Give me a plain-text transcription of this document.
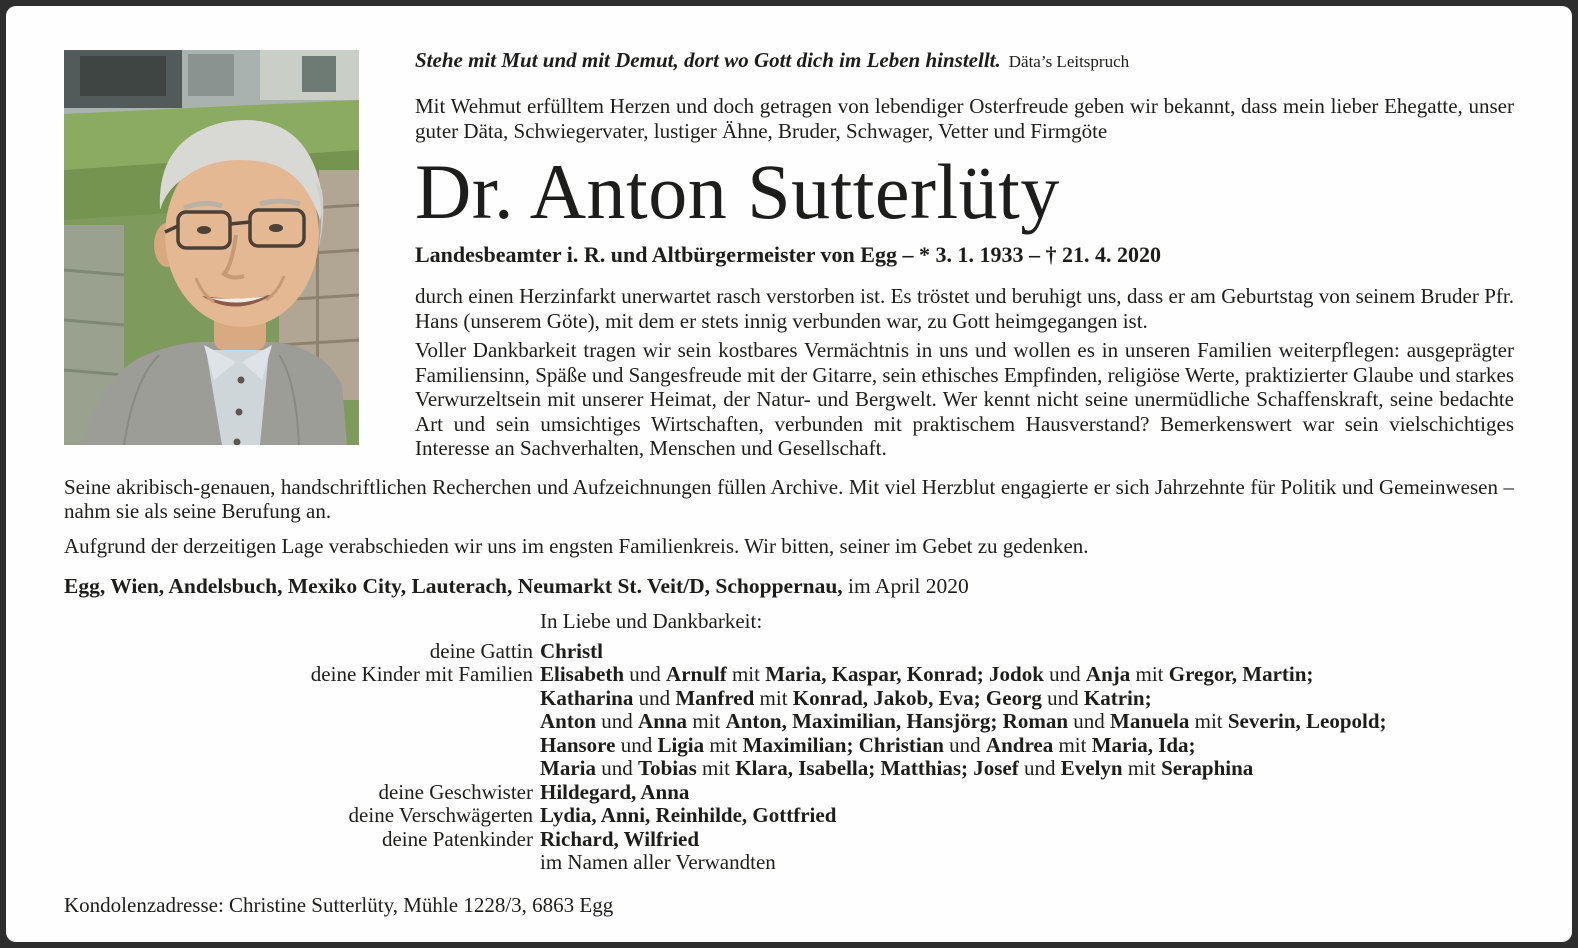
Stehe mit Mut und mit Demut, dort wo Gott dich im Leben hinstellt. Däta’s Leitspruch

Mit Wehmut erfülltem Herzen und doch getragen von lebendiger Osterfreude geben wir bekannt, dass mein lieber Ehegatte, unser guter Däta, Schwiegervater, lustiger Ähne, Bruder, Schwager, Vetter und Firmgöte

Dr. Anton Sutterlüty
Landesbeamter i. R. und Altbürgermeister von Egg – * 3. 1. 1933 – † 21. 4. 2020

durch einen Herzinfarkt unerwartet rasch verstorben ist. Es tröstet und beruhigt uns, dass er am Geburtstag von seinem Bruder Pfr. Hans (unserem Göte), mit dem er stets innig verbunden war, zu Gott heimgegangen ist.

Voller Dankbarkeit tragen wir sein kostbares Vermächtnis in uns und wollen es in unseren Familien weiterpflegen: ausgeprägter Familiensinn, Späße und Sangesfreude mit der Gitarre, sein ethisches Empfinden, religiöse Werte, praktizierter Glaube und starkes Verwurzeltsein mit unserer Heimat, der Natur- und Bergwelt. Wer kennt nicht seine unermüdliche Schaffenskraft, seine bedachte Art und sein umsichtiges Wirtschaften, verbunden mit praktischem Hausverstand? Bemerkenswert war sein vielschichtiges Interesse an Sachverhalten, Menschen und Gesellschaft.

Seine akribisch-genauen, handschriftlichen Recherchen und Aufzeichnungen füllen Archive. Mit viel Herzblut engagierte er sich Jahrzehnte für Politik und Gemeinwesen – nahm sie als seine Berufung an.

Aufgrund der derzeitigen Lage verabschieden wir uns im engsten Familienkreis. Wir bitten, seiner im Gebet zu gedenken.

Egg, Wien, Andelsbuch, Mexiko City, Lauterach, Neumarkt St. Veit/D, Schoppernau, im April 2020

In Liebe und Dankbarkeit:
deine Gattin Christl
deine Kinder mit Familien Elisabeth und Arnulf mit Maria, Kaspar, Konrad; Jodok und Anja mit Gregor, Martin;
Katharina und Manfred mit Konrad, Jakob, Eva; Georg und Katrin;
Anton und Anna mit Anton, Maximilian, Hansjörg; Roman und Manuela mit Severin, Leopold;
Hansore und Ligia mit Maximilian; Christian und Andrea mit Maria, Ida;
Maria und Tobias mit Klara, Isabella; Matthias; Josef und Evelyn mit Seraphina
deine Geschwister Hildegard, Anna
deine Verschwägerten Lydia, Anni, Reinhilde, Gottfried
deine Patenkinder Richard, Wilfried
im Namen aller Verwandten

Kondolenzadresse: Christine Sutterlüty, Mühle 1228/3, 6863 Egg
